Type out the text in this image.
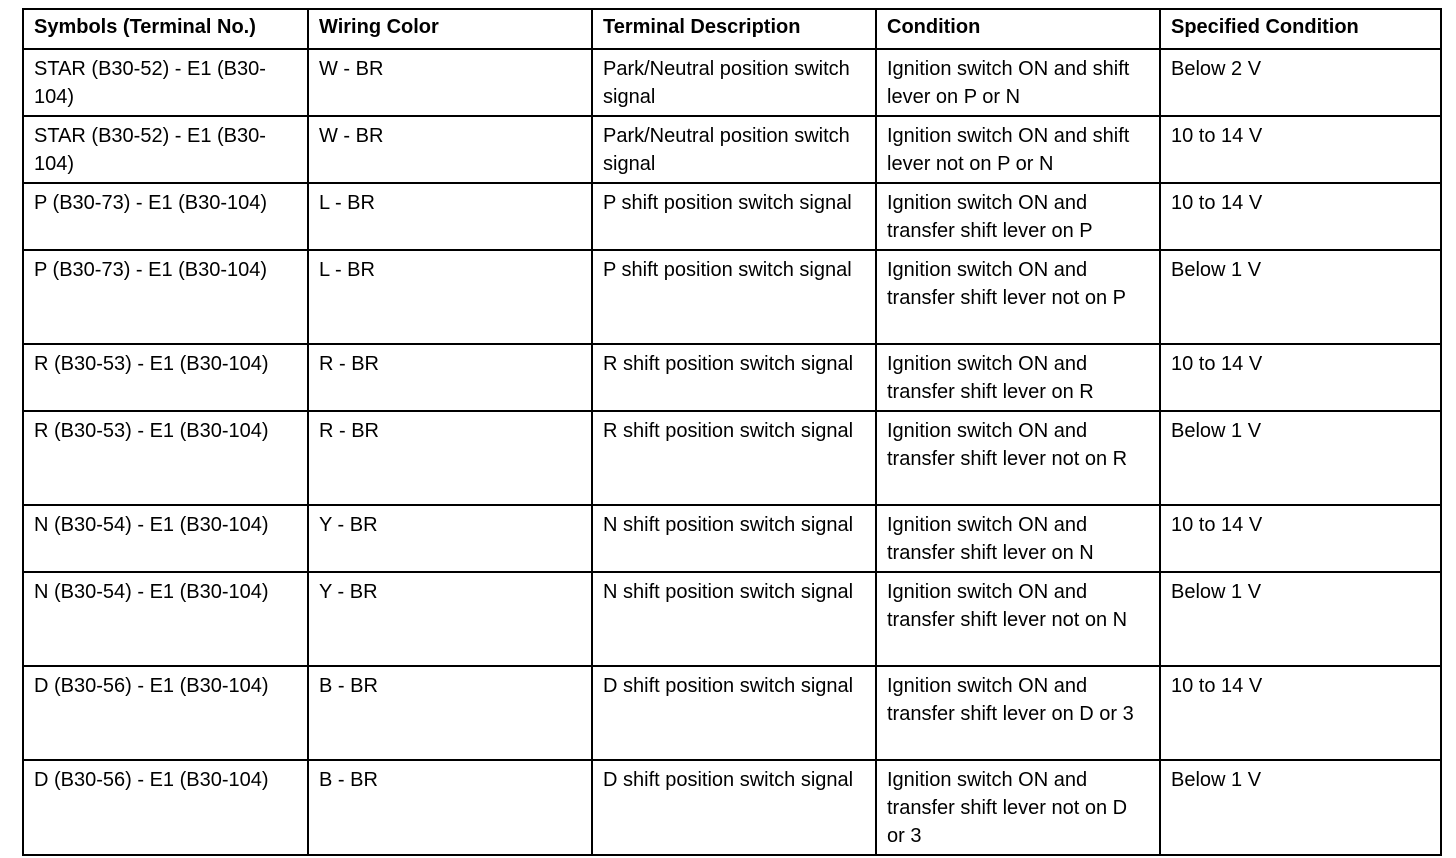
Symbols (Terminal No.)	Wiring Color	Terminal Description	Condition	Specified Condition
STAR (B30-52) - E1 (B30-104)	W - BR	Park/Neutral position switch signal	Ignition switch ON and shift lever on P or N	Below 2 V
STAR (B30-52) - E1 (B30-104)	W - BR	Park/Neutral position switch signal	Ignition switch ON and shift lever not on P or N	10 to 14 V
P (B30-73) - E1 (B30-104)	L - BR	P shift position switch signal	Ignition switch ON and transfer shift lever on P	10 to 14 V
P (B30-73) - E1 (B30-104)	L - BR	P shift position switch signal	Ignition switch ON and transfer shift lever not on P	Below 1 V
R (B30-53) - E1 (B30-104)	R - BR	R shift position switch signal	Ignition switch ON and transfer shift lever on R	10 to 14 V
R (B30-53) - E1 (B30-104)	R - BR	R shift position switch signal	Ignition switch ON and transfer shift lever not on R	Below 1 V
N (B30-54) - E1 (B30-104)	Y - BR	N shift position switch signal	Ignition switch ON and transfer shift lever on N	10 to 14 V
N (B30-54) - E1 (B30-104)	Y - BR	N shift position switch signal	Ignition switch ON and transfer shift lever not on N	Below 1 V
D (B30-56) - E1 (B30-104)	B - BR	D shift position switch signal	Ignition switch ON and transfer shift lever on D or 3	10 to 14 V
D (B30-56) - E1 (B30-104)	B - BR	D shift position switch signal	Ignition switch ON and transfer shift lever not on D or 3	Below 1 V
